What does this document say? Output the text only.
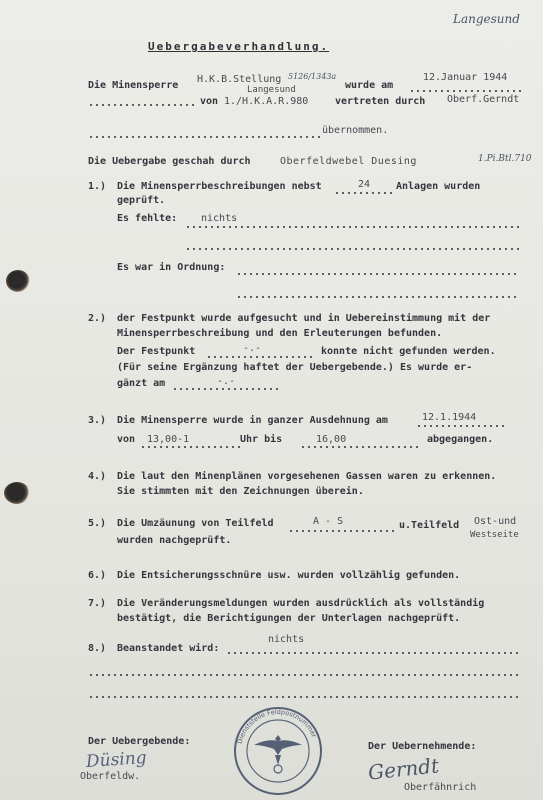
Langesund
Uebergabeverhandlung.
Die Minensperre
H.K.B.Stellung
Langesund
5126/1343a
wurde am
12.Januar 1944
von 1./H.K.A.R.980	vertreten durch Oberf.Gerndt
übernommen.
Die Uebergabe geschah durch	Oberfeldwebel Duesing	1.Pi.Btl.710
1.) Die Minensperrbeschreibungen nebst	24	Anlagen wurden
geprüft.
Es fehlte: nichts
Es war in Ordnung:
2.) der Festpunkt wurde aufgesucht und in Uebereinstimmung mit der
Minensperrbeschreibung und den Erleuterungen befunden.
Der Festpunkt	-.-	konnte nicht gefunden werden.
(Für seine Ergänzung haftet der Uebergebende.) Es wurde er-
gänzt am	-.-
3.) Die Minensperre wurde in ganzer Ausdehnung am	12.1.1944
von 13,00-1	Uhr bis	16,00	abgegangen.
4.) Die laut den Minenplänen vorgesehenen Gassen waren zu erkennen.
Sie stimmten mit den Zeichnungen überein.
5.) Die Umzäunung von Teilfeld	A - S	u.Teilfeld Ost-und
Westseite
wurden nachgeprüft.
6.) Die Entsicherungsschnüre usw. wurden vollzählig gefunden.
7.) Die Veränderungsmeldungen wurden ausdrücklich als vollständig
bestätigt, die Berichtigungen der Unterlagen nachgeprüft.
8.) Beanstandet wird:
nichts
Der Uebergebende:
Düsing
Oberfeldw.
Der Uebernehmende:
Gerndt
Oberfähnrich
Dienststelle Feldpostnummer
